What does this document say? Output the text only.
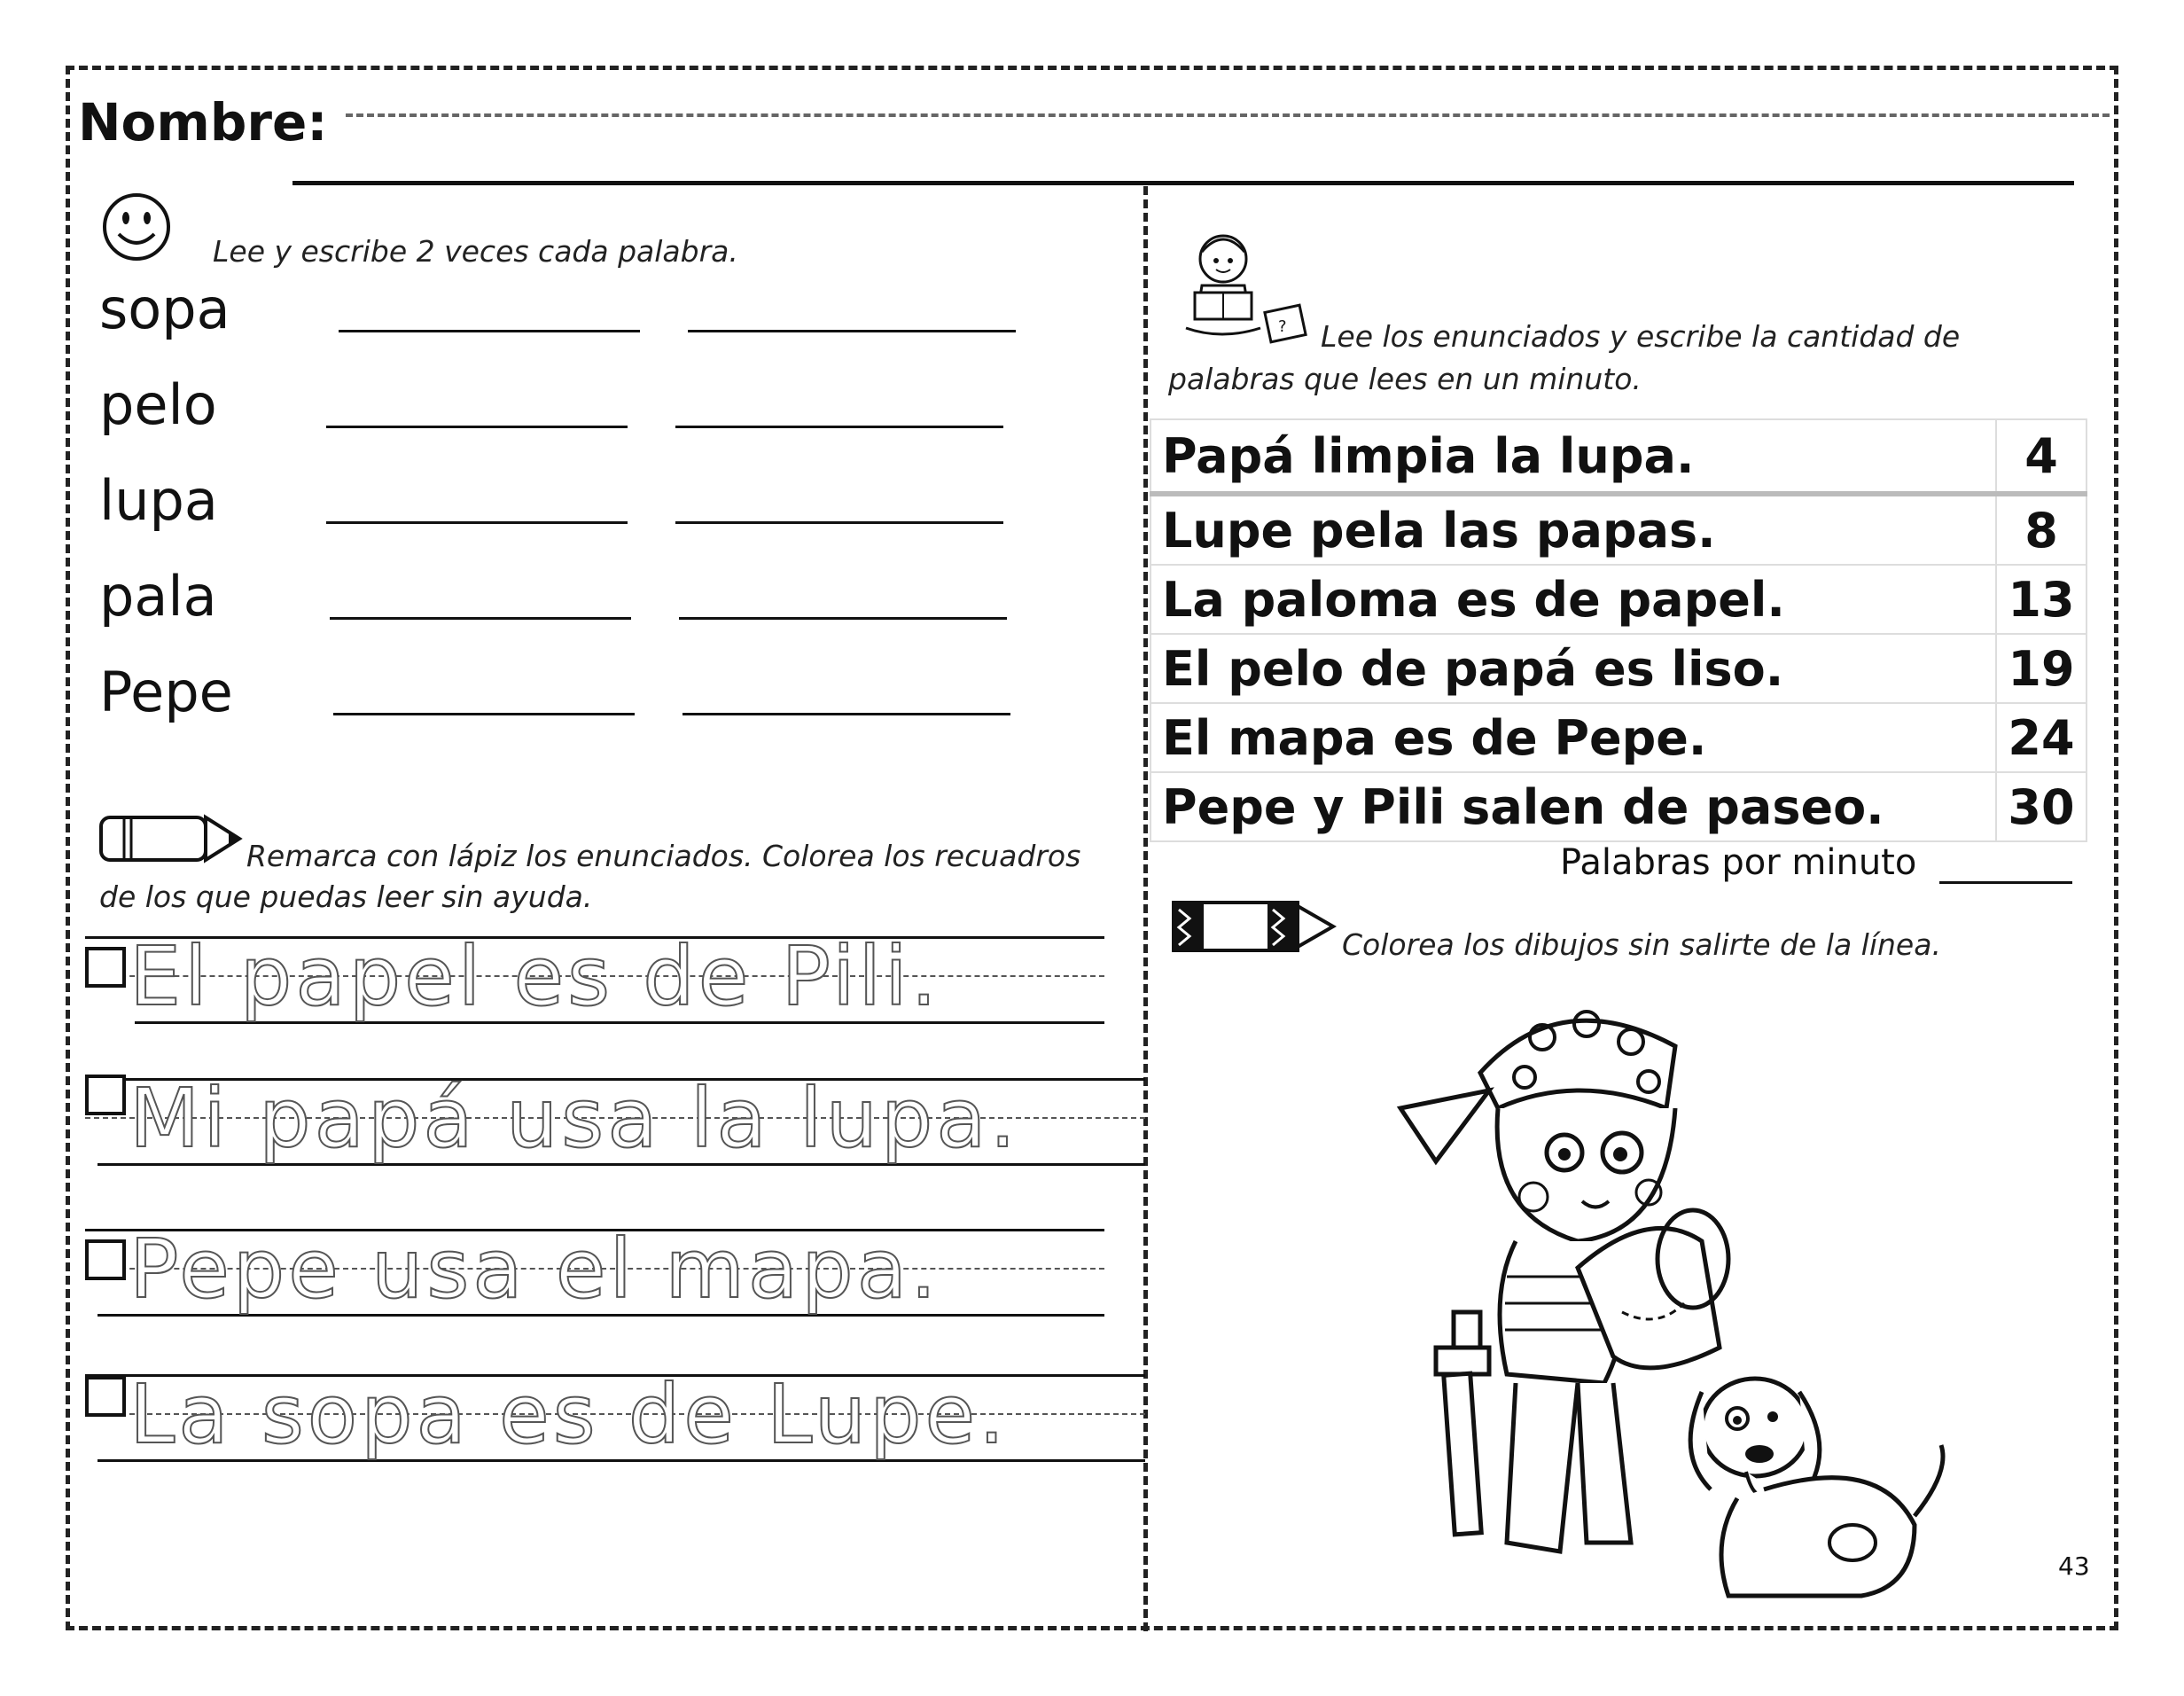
Nombre:
Lee y escribe 2 veces cada palabra.
sopa
pelo
lupa
pala
Pepe
Remarca con lápiz los enunciados. Colorea los recuadros
de los que puedas leer sin ayuda.
El papel es de Pili.
Mi papá usa la lupa.
Pepe usa el mapa.
La sopa es de Lupe.
? Lee los enunciados y escribe la cantidad de
palabras que lees en un minuto.
Papá limpia la lupa.	4
Lupe pela las papas.	8
La paloma es de papel.	13
El pelo de papá es liso.	19
El mapa es de Pepe.	24
Pepe y Pili salen de paseo.	30
Palabras por minuto
Colorea los dibujos sin salirte de la línea.
43
